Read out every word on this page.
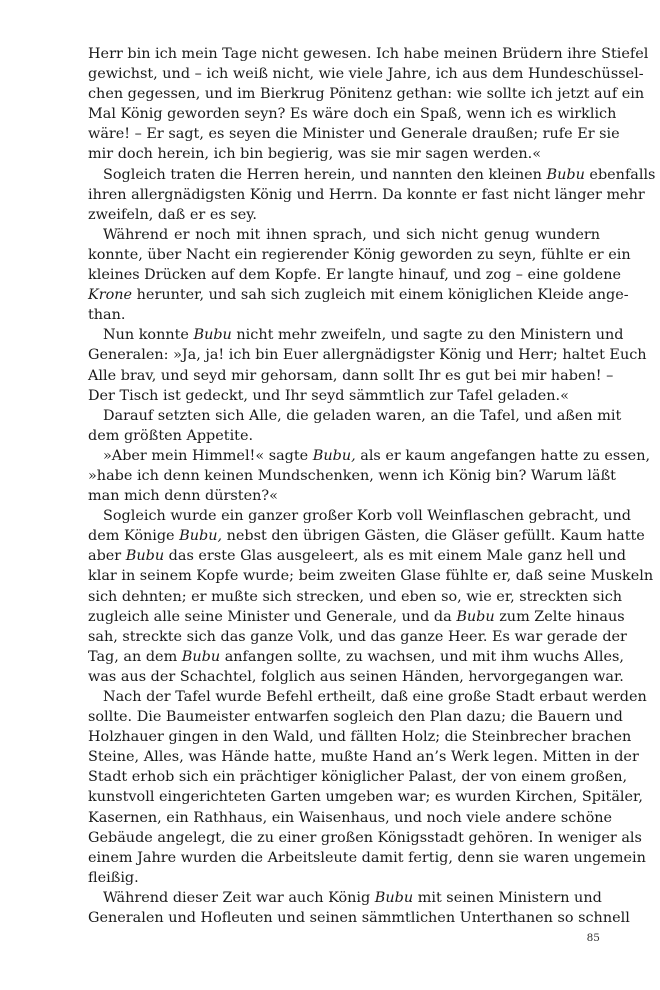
Herr bin ich mein Tage nicht gewesen. Ich habe meinen Brüdern ihre Stiefel
gewichst, und – ich weiß nicht, wie viele Jahre, ich aus dem Hundeschüssel-
chen gegessen, und im Bierkrug Pönitenz gethan: wie sollte ich jetzt auf ein
Mal König geworden seyn? Es wäre doch ein Spaß, wenn ich es wirklich
wäre! – Er sagt, es seyen die Minister und Generale draußen; rufe Er sie
mir doch herein, ich bin begierig, was sie mir sagen werden.«

Sogleich traten die Herren herein, und nannten den kleinen Bubu ebenfalls
ihren allergnädigsten König und Herrn. Da konnte er fast nicht länger mehr
zweifeln, daß er es sey.

Während er noch mit ihnen sprach, und sich nicht genug wundern
konnte, über Nacht ein regierender König geworden zu seyn, fühlte er ein
kleines Drücken auf dem Kopfe. Er langte hinauf, und zog – eine goldene
Krone herunter, und sah sich zugleich mit einem königlichen Kleide ange-
than.

Nun konnte Bubu nicht mehr zweifeln, und sagte zu den Ministern und
Generalen: »Ja, ja! ich bin Euer allergnädigster König und Herr; haltet Euch
Alle brav, und seyd mir gehorsam, dann sollt Ihr es gut bei mir haben! –
Der Tisch ist gedeckt, und Ihr seyd sämmtlich zur Tafel geladen.«

Darauf setzten sich Alle, die geladen waren, an die Tafel, und aßen mit
dem größten Appetite.

»Aber mein Himmel!« sagte Bubu, als er kaum angefangen hatte zu essen,
»habe ich denn keinen Mundschenken, wenn ich König bin? Warum läßt
man mich denn dürsten?«

Sogleich wurde ein ganzer großer Korb voll Weinflaschen gebracht, und
dem Könige Bubu, nebst den übrigen Gästen, die Gläser gefüllt. Kaum hatte
aber Bubu das erste Glas ausgeleert, als es mit einem Male ganz hell und
klar in seinem Kopfe wurde; beim zweiten Glase fühlte er, daß seine Muskeln
sich dehnten; er mußte sich strecken, und eben so, wie er, streckten sich
zugleich alle seine Minister und Generale, und da Bubu zum Zelte hinaus
sah, streckte sich das ganze Volk, und das ganze Heer. Es war gerade der
Tag, an dem Bubu anfangen sollte, zu wachsen, und mit ihm wuchs Alles,
was aus der Schachtel, folglich aus seinen Händen, hervorgegangen war.

Nach der Tafel wurde Befehl ertheilt, daß eine große Stadt erbaut werden
sollte. Die Baumeister entwarfen sogleich den Plan dazu; die Bauern und
Holzhauer gingen in den Wald, und fällten Holz; die Steinbrecher brachen
Steine, Alles, was Hände hatte, mußte Hand an’s Werk legen. Mitten in der
Stadt erhob sich ein prächtiger königlicher Palast, der von einem großen,
kunstvoll eingerichteten Garten umgeben war; es wurden Kirchen, Spitäler,
Kasernen, ein Rathhaus, ein Waisenhaus, und noch viele andere schöne
Gebäude angelegt, die zu einer großen Königsstadt gehören. In weniger als
einem Jahre wurden die Arbeitsleute damit fertig, denn sie waren ungemein
fleißig.

Während dieser Zeit war auch König Bubu mit seinen Ministern und
Generalen und Hofleuten und seinen sämmtlichen Unterthanen so schnell

85
